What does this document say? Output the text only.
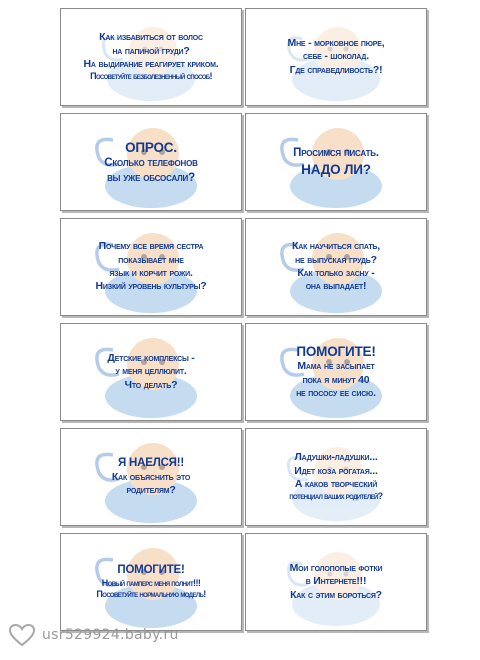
Как избавиться от волос
на папиной груди?
На выдирание реагирует криком.
Посоветуйте безболезненный способ!
Мне - морковное пюре,
себе - шоколад.
Где справедливость?!
ОПРОС.
Сколько телефонов
вы уже обсосали?
Просимся писать.
НАДО ЛИ?
Почему все время сестра
показывает мне
язык и корчит рожи.
Низкий уровень культуры?
Как научиться спать,
не выпуская грудь?
Как только засну -
она выпадает!
Детские комплексы -
у меня целлюлит.
Что делать?
ПОМОГИТЕ!
Мама не засыпает
пока я минут 40
не пососу ее сисю.
Я НАЕЛСЯ!!
Как объяснить это
родителям?
Ладушки-ладушки...
Идет коза рогатая...
А каков творческий
потенциал ваших родителей?
ПОМОГИТЕ!
Новый памперс меня полнит!!!
Посоветуйте нормальную модель!
Мои голопопые фотки
в Интернете!!!
Как с этим бороться?
usr529924.baby.ru
